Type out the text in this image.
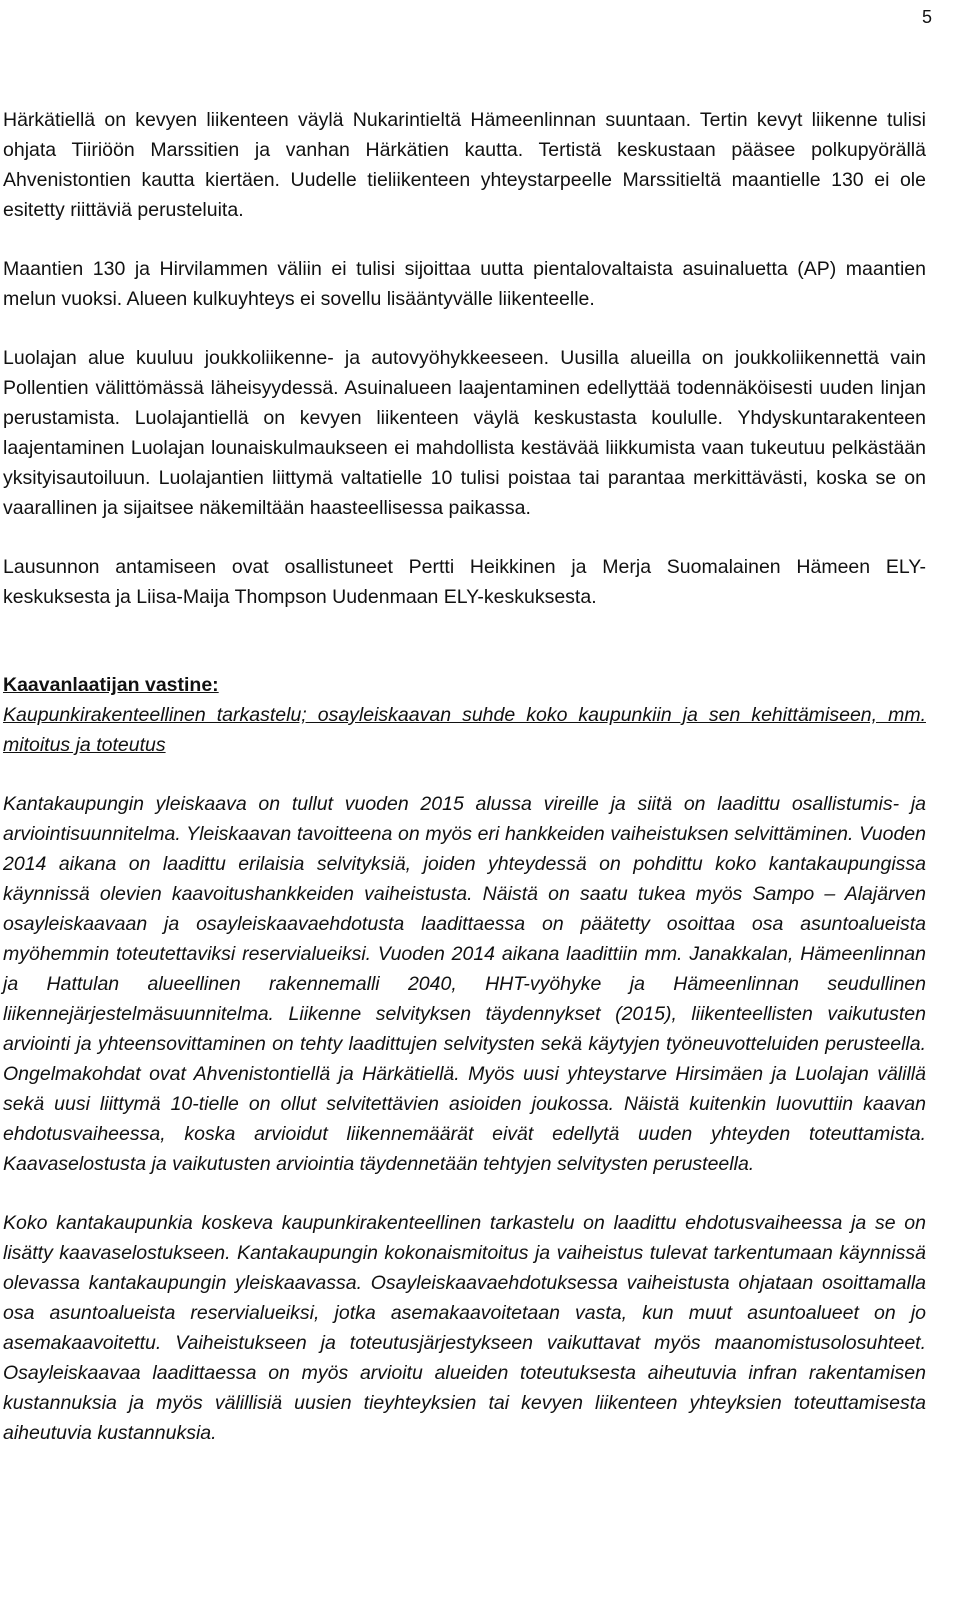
5

Härkätiellä on kevyen liikenteen väylä Nukarintieltä Hämeenlinnan suuntaan. Tertin kevyt liikenne tulisi ohjata Tiiriöön Marssitien ja vanhan Härkätien kautta. Tertistä keskustaan pääsee polkupyörällä Ahvenistontien kautta kiertäen. Uudelle tieliikenteen yhteystarpeelle Marssitieltä maantielle 130 ei ole esitetty riittäviä perusteluita.

Maantien 130 ja Hirvilammen väliin ei tulisi sijoittaa uutta pientalovaltaista asuinaluetta (AP) maantien melun vuoksi. Alueen kulkuyhteys ei sovellu lisääntyvälle liikenteelle.

Luolajan alue kuuluu joukkoliikenne- ja autovyöhykkeeseen. Uusilla alueilla on joukkoliikennettä vain Pollentien välittömässä läheisyydessä. Asuinalueen laajentaminen edellyttää todennäköisesti uuden linjan perustamista. Luolajantiellä on kevyen liikenteen väylä keskustasta koululle. Yhdyskuntarakenteen laajentaminen Luolajan lounaiskulmaukseen ei mahdollista kestävää liikkumista vaan tukeutuu pelkästään yksityisautoiluun. Luolajantien liittymä valtatielle 10 tulisi poistaa tai parantaa merkittävästi, koska se on vaarallinen ja sijaitsee näkemiltään haasteellisessa paikassa.

Lausunnon antamiseen ovat osallistuneet Pertti Heikkinen ja Merja Suomalainen Hämeen ELY-keskuksesta ja Liisa-Maija Thompson Uudenmaan ELY-keskuksesta.

Kaavanlaatijan vastine:

Kaupunkirakenteellinen tarkastelu; osayleiskaavan suhde koko kaupunkiin ja sen kehittämiseen, mm. mitoitus ja toteutus

Kantakaupungin yleiskaava on tullut vuoden 2015 alussa vireille ja siitä on laadittu osallistumis- ja arviointisuunnitelma. Yleiskaavan tavoitteena on myös eri hankkeiden vaiheistuksen selvittäminen. Vuoden 2014 aikana on laadittu erilaisia selvityksiä, joiden yhteydessä on pohdittu koko kantakaupungissa käynnissä olevien kaavoitushankkeiden vaiheistusta. Näistä on saatu tukea myös Sampo – Alajärven osayleiskaavaan ja osayleiskaavaehdotusta laadittaessa on päätetty osoittaa osa asuntoalueista myöhemmin toteutettaviksi reservialueiksi. Vuoden 2014 aikana laadittiin mm. Janakkalan, Hämeenlinnan ja Hattulan alueellinen rakennemalli 2040, HHT-vyöhyke ja Hämeenlinnan seudullinen liikennejärjestelmäsuunnitelma. Liikenne selvityksen täydennykset (2015), liikenteellisten vaikutusten arviointi ja yhteensovittaminen on tehty laadittujen selvitysten sekä käytyjen työneuvotteluiden perusteella. Ongelmakohdat ovat Ahvenistontiellä ja Härkätiellä. Myös uusi yhteystarve Hirsimäen ja Luolajan välillä sekä uusi liittymä 10-tielle on ollut selvitettävien asioiden joukossa. Näistä kuitenkin luovuttiin kaavan ehdotusvaiheessa, koska arvioidut liikennemäärät eivät edellytä uuden yhteyden toteuttamista. Kaavaselostusta ja vaikutusten arviointia täydennetään tehtyjen selvitysten perusteella.

Koko kantakaupunkia koskeva kaupunkirakenteellinen tarkastelu on laadittu ehdotusvaiheessa ja se on lisätty kaavaselostukseen. Kantakaupungin kokonaismitoitus ja vaiheistus tulevat tarkentumaan käynnissä olevassa kantakaupungin yleiskaavassa. Osayleiskaavaehdotuksessa vaiheistusta ohjataan osoittamalla osa asuntoalueista reservialueiksi, jotka asemakaavoitetaan vasta, kun muut asuntoalueet on jo asemakaavoitettu. Vaiheistukseen ja toteutusjärjestykseen vaikuttavat myös maanomistusolosuhteet. Osayleiskaavaa laadittaessa on myös arvioitu alueiden toteutuksesta aiheutuvia infran rakentamisen kustannuksia ja myös välillisiä uusien tieyhteyksien tai kevyen liikenteen yhteyksien toteuttamisesta aiheutuvia kustannuksia.
